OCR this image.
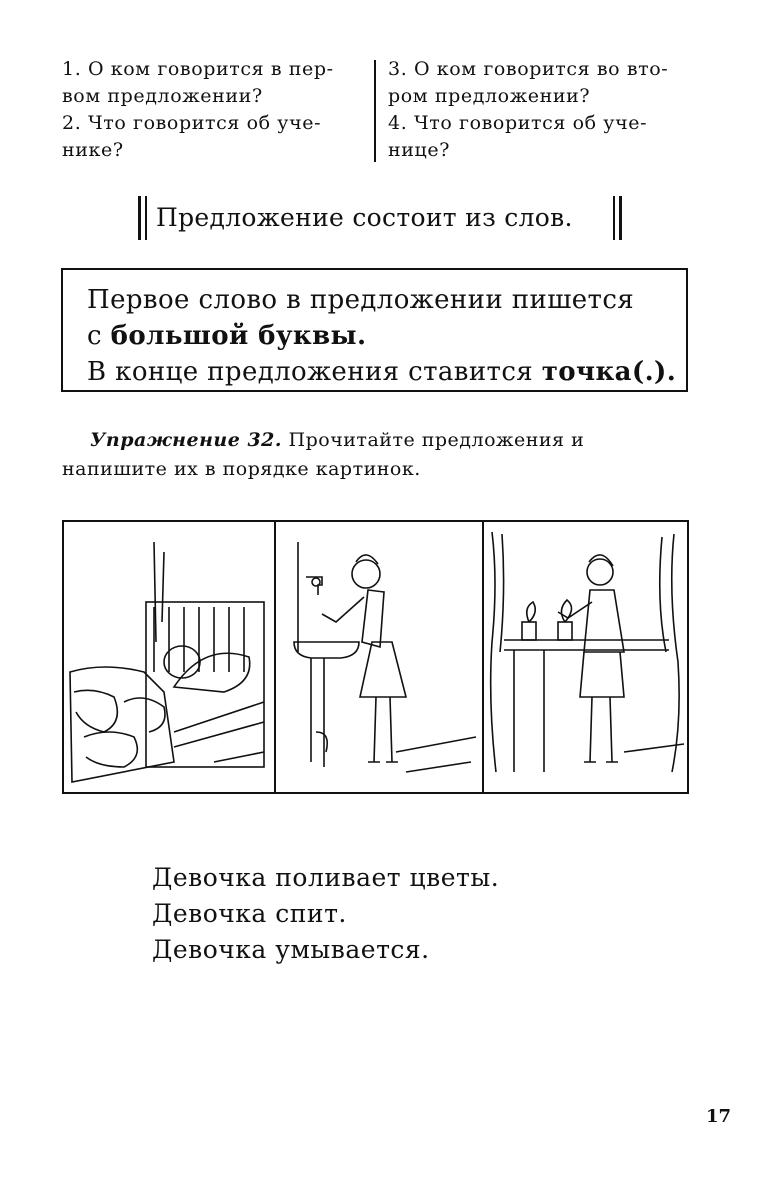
1. О ком говорится в пер-
вом предложении?
2. Что говорится об уче-
нике?
3. О ком говорится во вто-
ром предложении?
4. Что говорится об уче-
нице?
Предложение состоит из слов.

Первое слово в предложении пишется

с большой буквы.

В конце предложения ставится точка(.).

Упражнение 32. Прочитайте предложения и напишите их в порядке картинок.
Девочка поливает цветы.
Девочка спит.
Девочка умывается.
17
